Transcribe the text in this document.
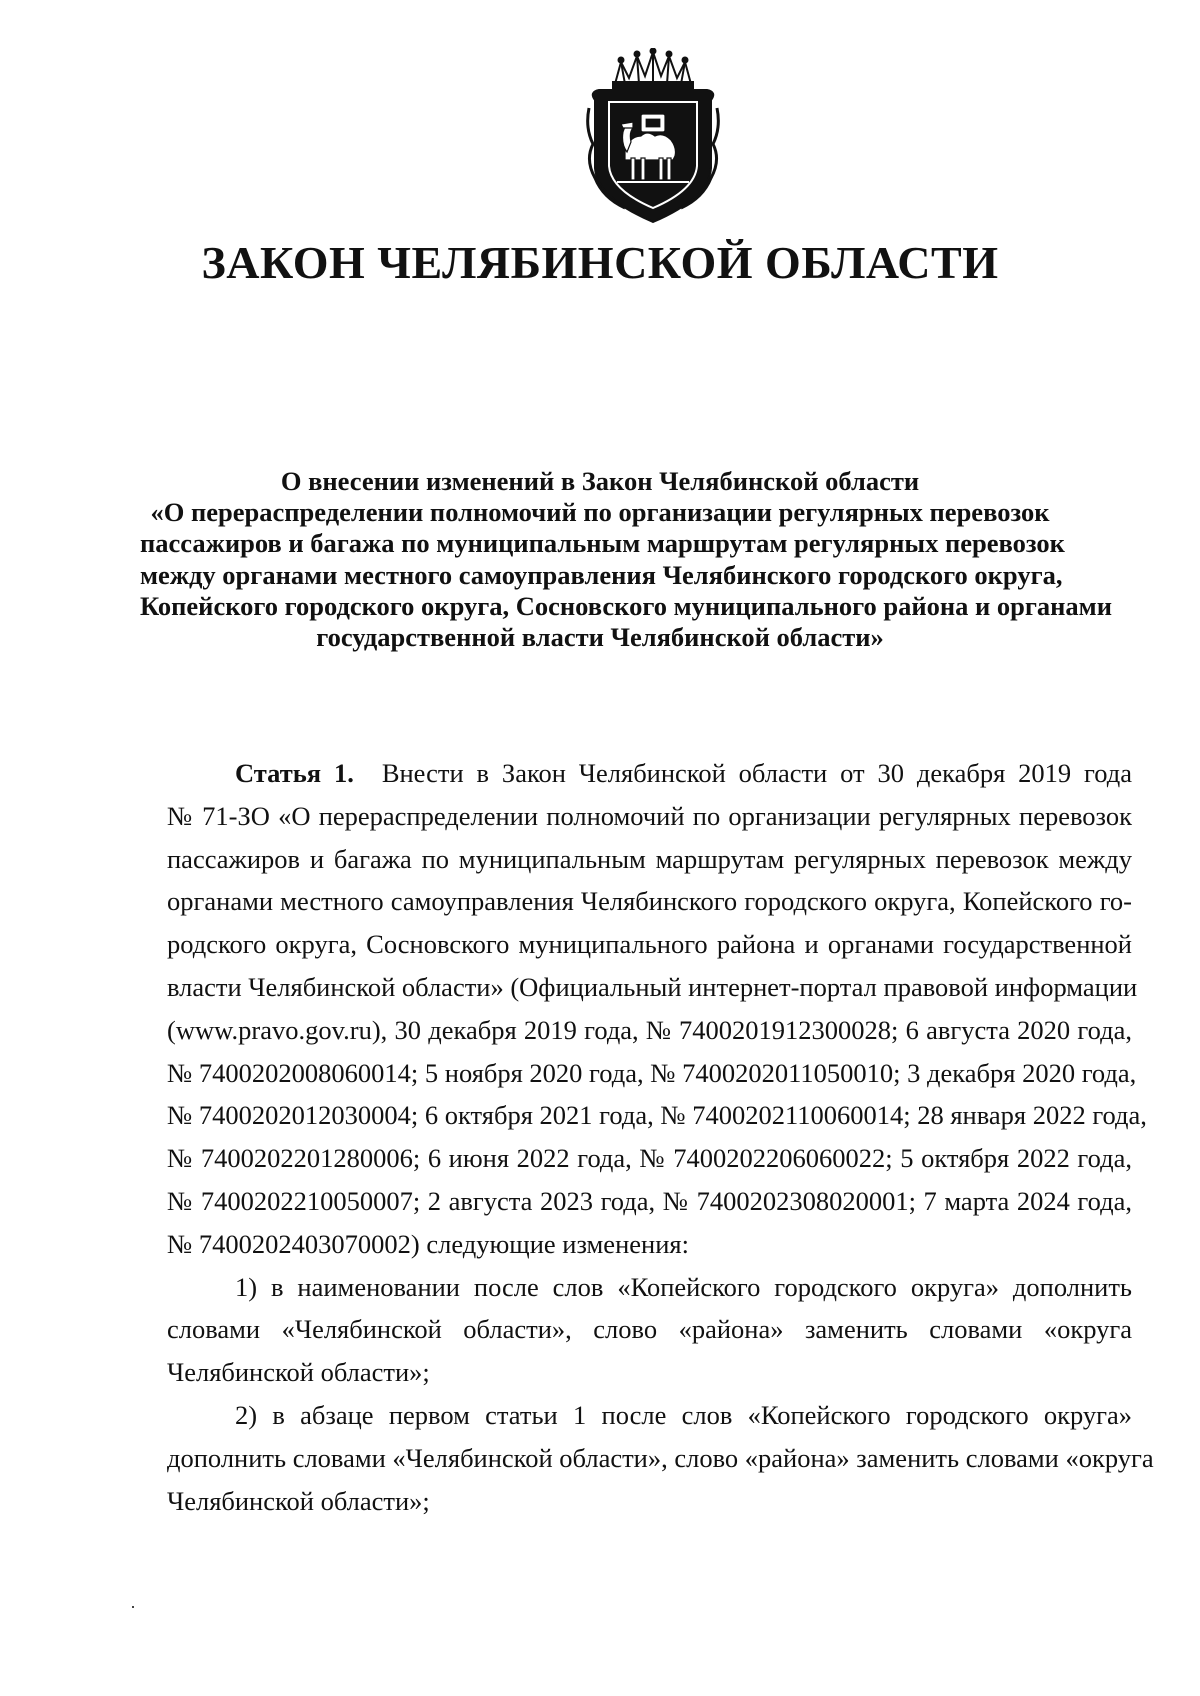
ЗАКОН ЧЕЛЯБИНСКОЙ ОБЛАСТИ
О внесении изменений в Закон Челябинской области
«О перераспределении полномочий по организации регулярных перевозок
пассажиров и багажа по муниципальным маршрутам регулярных перевозок
между органами местного самоуправления Челябинского городского округа,
Копейского городского округа, Сосновского муниципального района и органами
государственной власти Челябинской области»
Статья 1. Внести в Закон Челябинской области от 30 декабря 2019 года
№ 71-ЗО «О перераспределении полномочий по организации регулярных перевозок
пассажиров и багажа по муниципальным маршрутам регулярных перевозок между
органами местного самоуправления Челябинского городского округа, Копейского го-
родского округа, Сосновского муниципального района и органами государственной
власти Челябинской области» (Официальный интернет-портал правовой информации
(www.pravo.gov.ru), 30 декабря 2019 года, № 7400201912300028; 6 августа 2020 года,
№ 7400202008060014; 5 ноября 2020 года, № 7400202011050010; 3 декабря 2020 года,
№ 7400202012030004; 6 октября 2021 года, № 7400202110060014; 28 января 2022 года,
№ 7400202201280006; 6 июня 2022 года, № 7400202206060022; 5 октября 2022 года,
№ 7400202210050007; 2 августа 2023 года, № 7400202308020001; 7 марта 2024 года,
№ 7400202403070002) следующие изменения:
1) в наименовании после слов «Копейского городского округа» дополнить
словами «Челябинской области», слово «района» заменить словами «округа
Челябинской области»;
2) в абзаце первом статьи 1 после слов «Копейского городского округа»
дополнить словами «Челябинской области», слово «района» заменить словами «округа
Челябинской области»;
